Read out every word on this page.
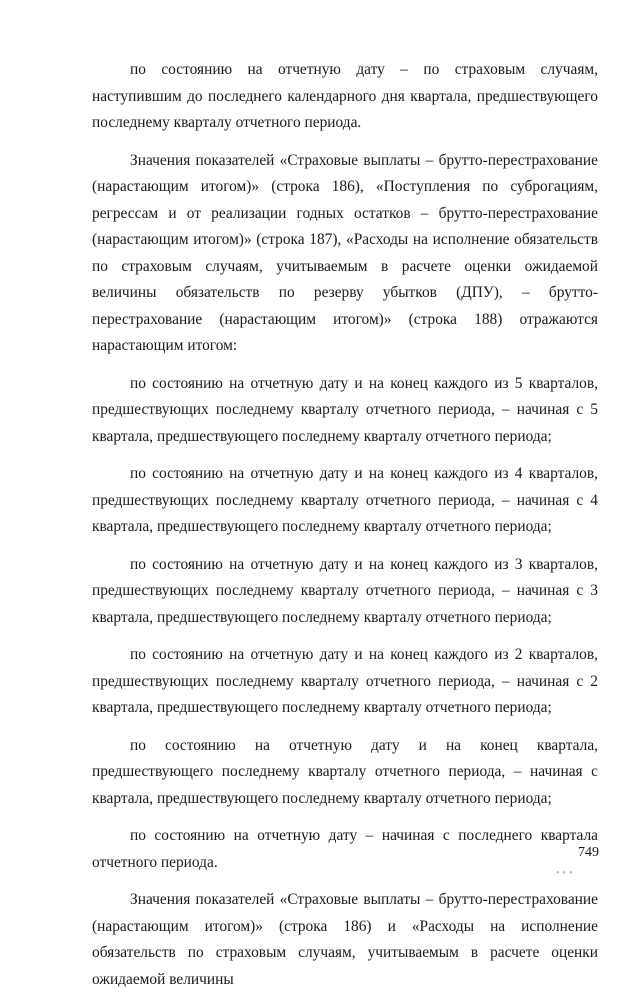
по состоянию на отчетную дату – по страховым случаям, наступившим до последнего календарного дня квартала, предшествующего последнему кварталу отчетного периода.

Значения показателей «Страховые выплаты – брутто-перестрахование (нарастающим итогом)» (строка 186), «Поступления по суброгациям, регрессам и от реализации годных остатков – брутто-перестрахование (нарастающим итогом)» (строка 187), «Расходы на исполнение обязательств по страховым случаям, учитываемым в расчете оценки ожидаемой величины обязательств по резерву убытков (ДПУ), – брутто-перестрахование (нарастающим итогом)» (строка 188) отражаются нарастающим итогом:

по состоянию на отчетную дату и на конец каждого из 5 кварталов, предшествующих последнему кварталу отчетного периода, – начиная с 5 квартала, предшествующего последнему кварталу отчетного периода;

по состоянию на отчетную дату и на конец каждого из 4 кварталов, предшествующих последнему кварталу отчетного периода, – начиная с 4 квартала, предшествующего последнему кварталу отчетного периода;

по состоянию на отчетную дату и на конец каждого из 3 кварталов, предшествующих последнему кварталу отчетного периода, – начиная с 3 квартала, предшествующего последнему кварталу отчетного периода;

по состоянию на отчетную дату и на конец каждого из 2 кварталов, предшествующих последнему кварталу отчетного периода, – начиная с 2 квартала, предшествующего последнему кварталу отчетного периода;

по состоянию на отчетную дату и на конец квартала, предшествующего последнему кварталу отчетного периода, – начиная с квартала, предшествующего последнему кварталу отчетного периода;

по состоянию на отчетную дату – начиная с последнего квартала отчетного периода.

Значения показателей «Страховые выплаты – брутто-перестрахование (нарастающим итогом)» (строка 186) и «Расходы на исполнение обязательств по страховым случаям, учитываемым в расчете оценки ожидаемой величины

749
•••
